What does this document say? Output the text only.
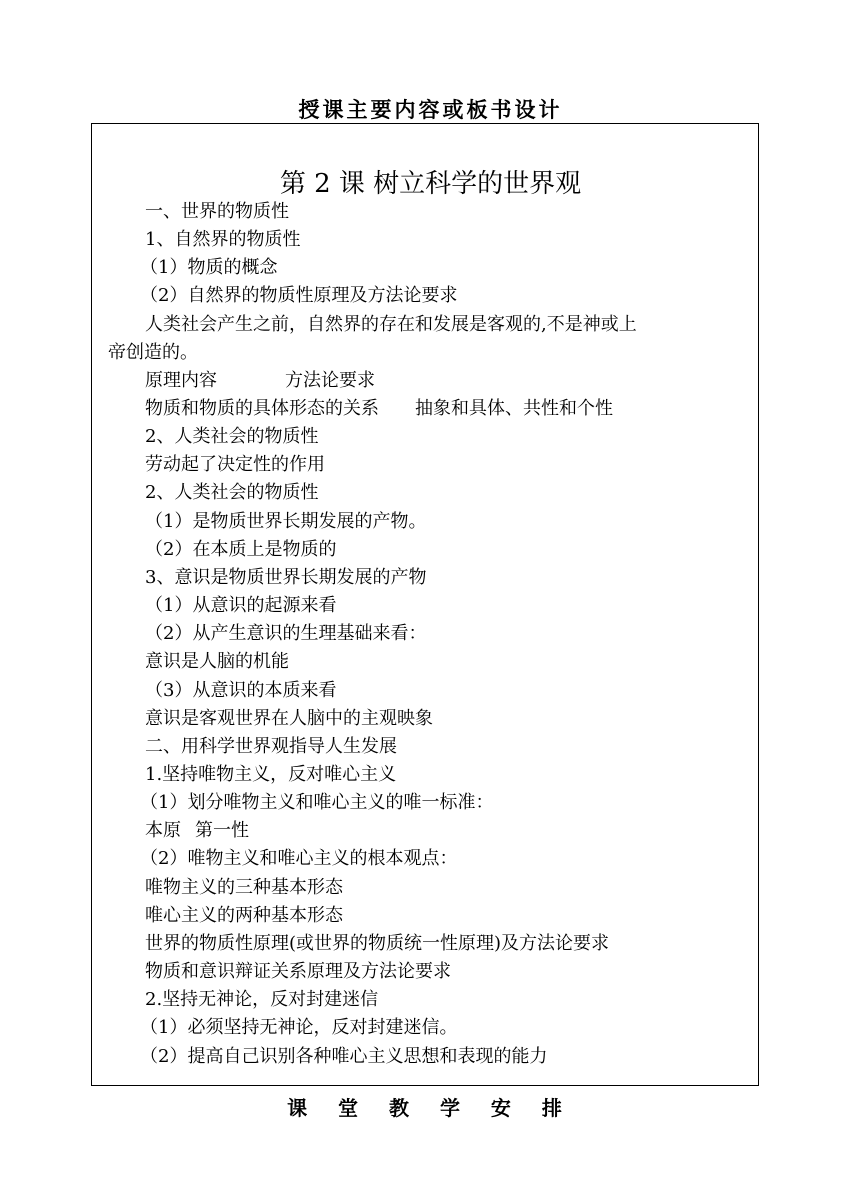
授课主要内容或板书设计
第 2 课 树立科学的世界观
一、世界的物质性
1、自然界的物质性
（1）物质的概念
（2）自然界的物质性原理及方法论要求
人类社会产生之前，自然界的存在和发展是客观的,不是神或上
帝创造的。
原理内容	方法论要求
物质和物质的具体形态的关系 抽象和具体、共性和个性
2、人类社会的物质性
劳动起了决定性的作用
2、人类社会的物质性
（1）是物质世界长期发展的产物。
（2）在本质上是物质的
3、意识是物质世界长期发展的产物
（1）从意识的起源来看
（2）从产生意识的生理基础来看：
意识是人脑的机能
（3）从意识的本质来看
意识是客观世界在人脑中的主观映象
二、用科学世界观指导人生发展
1.坚持唯物主义，反对唯心主义
（1）划分唯物主义和唯心主义的唯一标准：
本原 第一性
（2）唯物主义和唯心主义的根本观点：
唯物主义的三种基本形态
唯心主义的两种基本形态
世界的物质性原理(或世界的物质统一性原理)及方法论要求
物质和意识辩证关系原理及方法论要求
2.坚持无神论，反对封建迷信
（1）必须坚持无神论，反对封建迷信。
（2）提高自己识别各种唯心主义思想和表现的能力
课 堂 教 学 安 排
